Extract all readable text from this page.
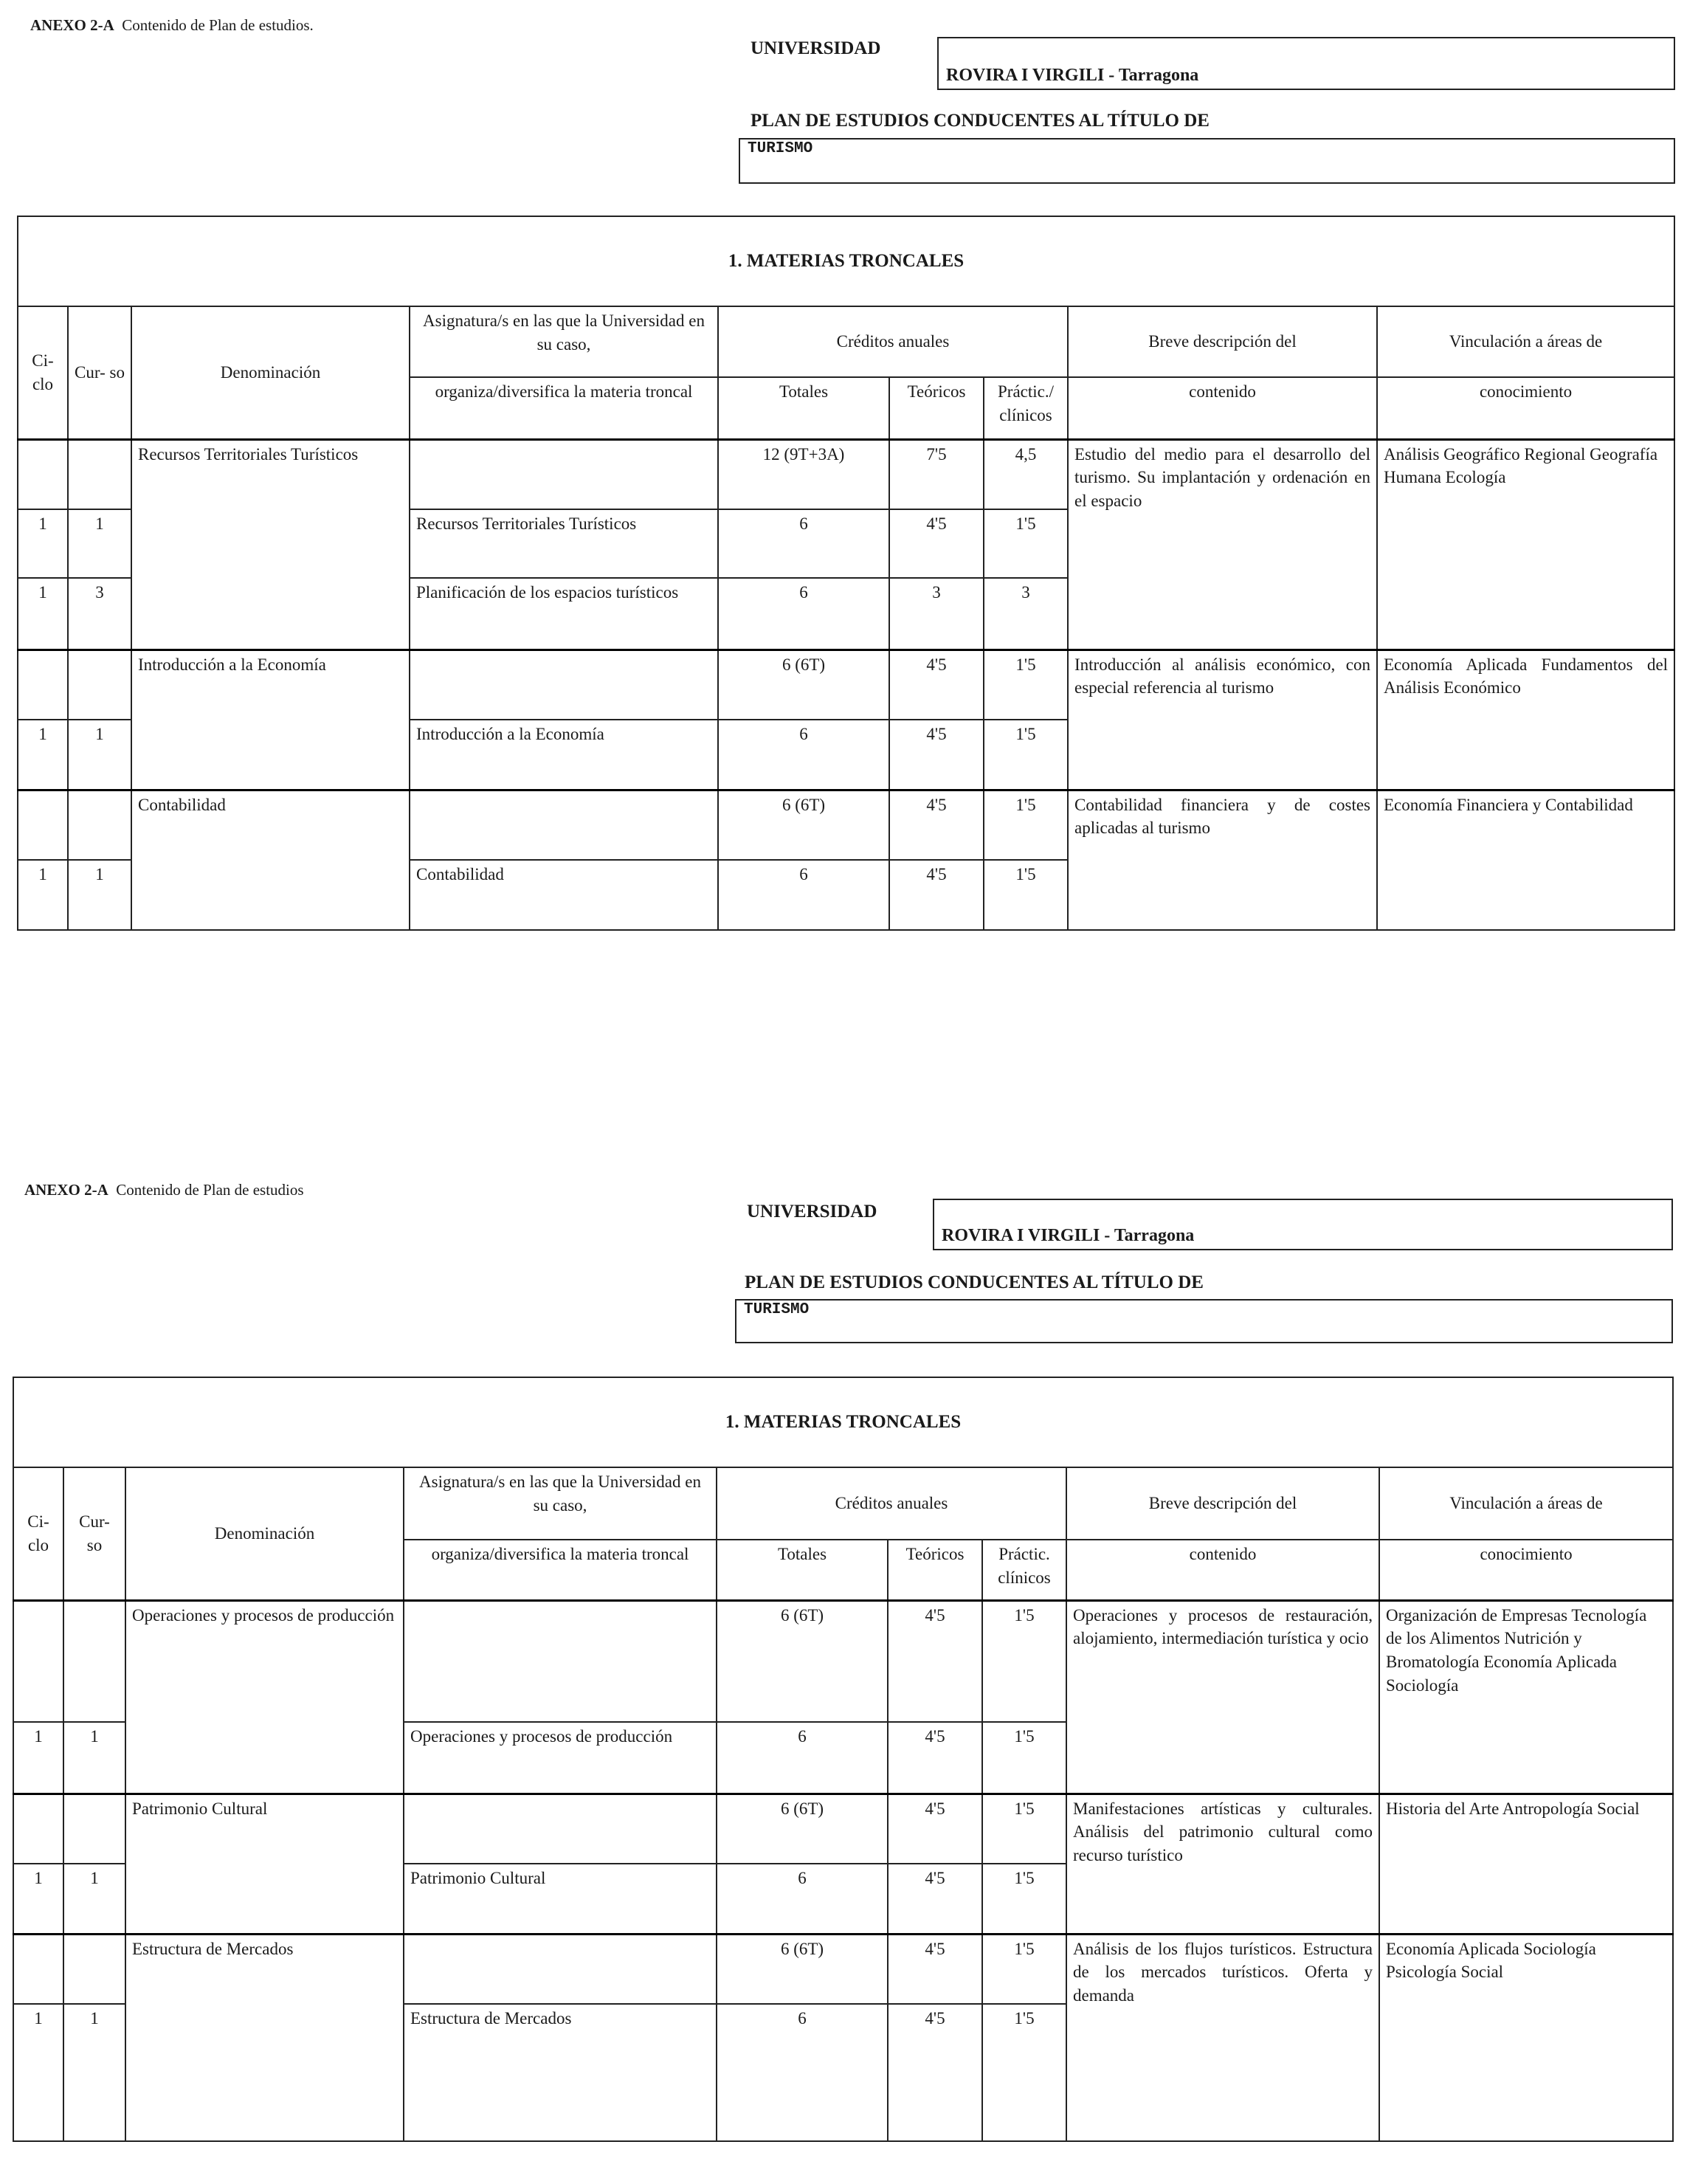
ANEXO 2-A Contenido de Plan de estudios.
UNIVERSIDAD
ROVIRA I VIRGILI - Tarragona
PLAN DE ESTUDIOS CONDUCENTES AL TÍTULO DE
TURISMO
1. MATERIAS TRONCALES								
Ci- clo	Cur- so	Denominación	Asignatura/s en las que la Universidad en su caso,	Créditos anuales			Breve descripción del	Vinculación a áreas de
			organiza/diversifica la materia troncal	Totales	Teóricos	Práctic./ clínicos	contenido	conocimiento
		Recursos Territoriales Turísticos		12 (9T+3A)	7'5	4,5	Estudio del medio para el desarrollo del turismo. Su implantación y ordenación en el espacio	Análisis Geográfico Regional Geografía Humana Ecología
1	1		Recursos Territoriales Turísticos	6	4'5	1'5		
1	3		Planificación de los espacios turísticos	6	3	3		
		Introducción a la Economía		6 (6T)	4'5	1'5	Introducción al análisis económico, con especial referencia al turismo	Economía Aplicada Fundamentos del Análisis Económico
1	1		Introducción a la Economía	6	4'5	1'5		
		Contabilidad		6 (6T)	4'5	1'5	Contabilidad financiera y de costes aplicadas al turismo	Economía Financiera y Contabilidad
1	1		Contabilidad	6	4'5	1'5		
ANEXO 2-A Contenido de Plan de estudios
UNIVERSIDAD
ROVIRA I VIRGILI - Tarragona
PLAN DE ESTUDIOS CONDUCENTES AL TÍTULO DE
TURISMO
1. MATERIAS TRONCALES								
Ci- clo	Cur- so	Denominación	Asignatura/s en las que la Universidad en su caso,	Créditos anuales			Breve descripción del	Vinculación a áreas de
			organiza/diversifica la materia troncal	Totales	Teóricos	Práctic. clínicos	contenido	conocimiento
		Operaciones y procesos de producción		6 (6T)	4'5	1'5	Operaciones y procesos de restauración, alojamiento, intermediación turística y ocio	Organización de Empresas Tecnología de los Alimentos Nutrición y Bromatología Economía Aplicada Sociología
1	1		Operaciones y procesos de producción	6	4'5	1'5		
		Patrimonio Cultural		6 (6T)	4'5	1'5	Manifestaciones artísticas y culturales. Análisis del patrimonio cultural como recurso turístico	Historia del Arte Antropología Social
1	1		Patrimonio Cultural	6	4'5	1'5		
		Estructura de Mercados		6 (6T)	4'5	1'5	Análisis de los flujos turísticos. Estructura de los mercados turísticos. Oferta y demanda	Economía Aplicada Sociología Psicología Social
1	1		Estructura de Mercados	6	4'5	1'5		
